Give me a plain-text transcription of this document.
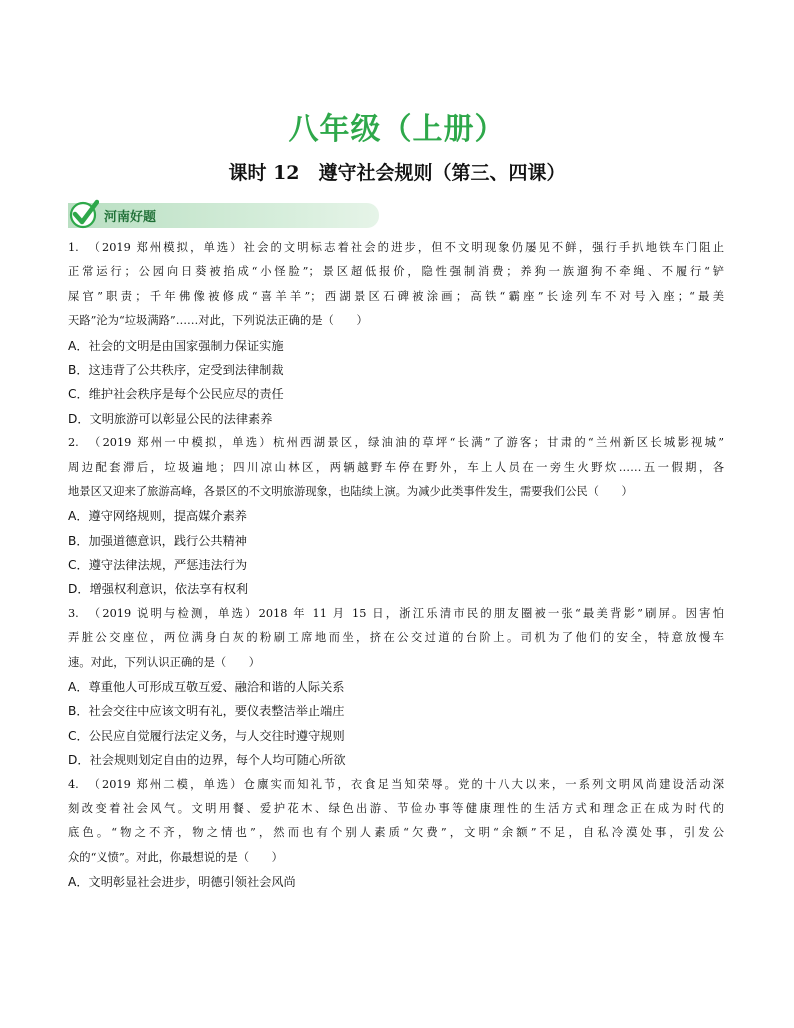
八年级（上册）
课时 12　遵守社会规则（第三、四课）
河南好题
1.　（2019 郑州模拟，单选）社会的文明标志着社会的进步，但不文明现象仍屡见不鲜，强行手扒地铁车门阻止
正常运行；公园向日葵被掐成“小怪脸”；景区超低报价，隐性强制消费；养狗一族遛狗不牵绳、不履行“铲
屎官”职责；千年佛像被修成“喜羊羊”；西湖景区石碑被涂画；高铁“霸座”长途列车不对号入座；“最美
天路”沦为“垃圾满路”……对此，下列说法正确的是（　　）
A．社会的文明是由国家强制力保证实施
B．这违背了公共秩序，定受到法律制裁
C．维护社会秩序是每个公民应尽的责任
D．文明旅游可以彰显公民的法律素养
2.　（2019 郑州一中模拟，单选）杭州西湖景区，绿油油的草坪“长满”了游客；甘肃的“兰州新区长城影视城”
周边配套滞后，垃圾遍地；四川凉山林区，两辆越野车停在野外，车上人员在一旁生火野炊……五一假期，各
地景区又迎来了旅游高峰，各景区的不文明旅游现象，也陆续上演。为减少此类事件发生，需要我们公民（　　）
A．遵守网络规则，提高媒介素养
B．加强道德意识，践行公共精神
C．遵守法律法规，严惩违法行为
D．增强权利意识，依法享有权利
3.　（2019 说明与检测，单选）2018 年 11 月 15 日，浙江乐清市民的朋友圈被一张“最美背影”刷屏。因害怕
弄脏公交座位，两位满身白灰的粉刷工席地而坐，挤在公交过道的台阶上。司机为了他们的安全，特意放慢车
速。对此，下列认识正确的是（　　）
A．尊重他人可形成互敬互爱、融洽和谐的人际关系
B．社会交往中应该文明有礼，要仪表整洁举止端庄
C．公民应自觉履行法定义务，与人交往时遵守规则
D．社会规则划定自由的边界，每个人均可随心所欲
4.　（2019 郑州二模，单选）仓廪实而知礼节，衣食足当知荣辱。党的十八大以来，一系列文明风尚建设活动深
刻改变着社会风气。文明用餐、爱护花木、绿色出游、节俭办事等健康理性的生活方式和理念正在成为时代的
底色。“物之不齐，物之情也”，然而也有个别人素质“欠费”，文明“余额”不足，自私冷漠处事，引发公
众的“义愤”。对此，你最想说的是（　　）
A．文明彰显社会进步，明德引领社会风尚
